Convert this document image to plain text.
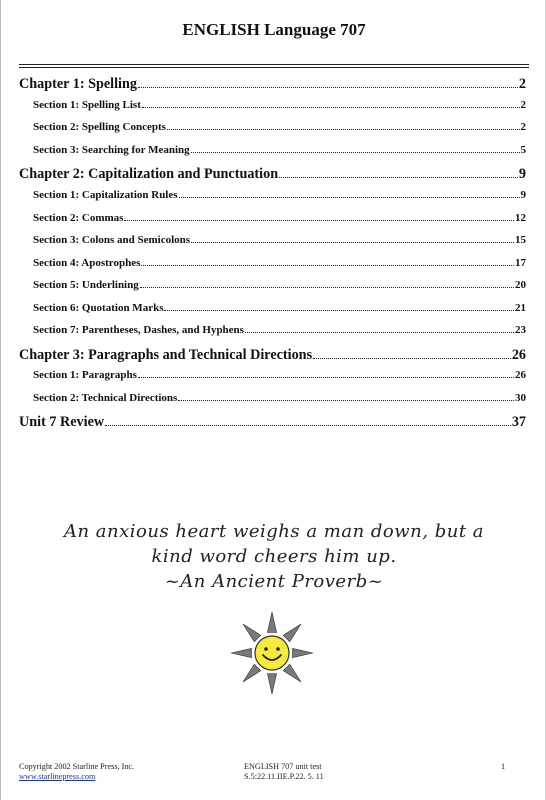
ENGLISH Language 707
Chapter 1: Spelling	2
Section 1: Spelling List	2
Section 2: Spelling Concepts	2
Section 3: Searching for Meaning	5
Chapter 2: Capitalization and Punctuation	9
Section 1: Capitalization Rules	9
Section 2: Commas	12
Section 3: Colons and Semicolons	15
Section 4: Apostrophes	17
Section 5: Underlining	20
Section 6: Quotation Marks	21
Section 7: Parentheses, Dashes, and Hyphens	23
Chapter 3: Paragraphs and Technical Directions	26
Section 1: Paragraphs	26
Section 2: Technical Directions	30
Unit 7 Review	37
An anxious heart weighs a man down, but a
kind word cheers him up.
~An Ancient Proverb~
Copyright 2002 Starline Press, Inc.
www.starlinepress.com
ENGLISH 707 unit test
S.5:22.11.IIE.P.22. 5. 11
1
